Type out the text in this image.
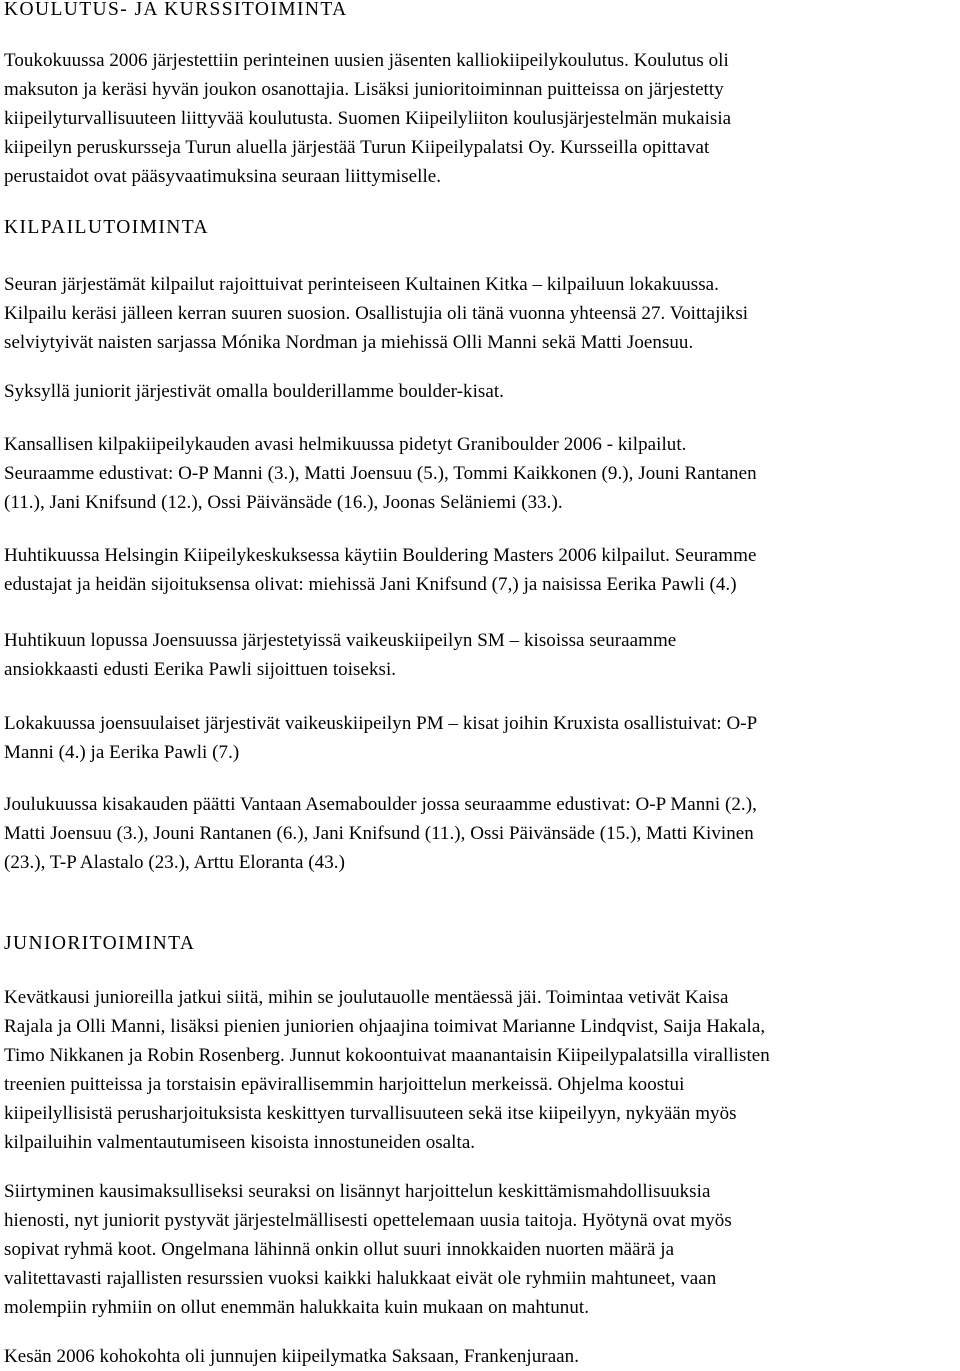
KOULUTUS- JA KURSSITOIMINTA

Toukokuussa 2006 järjestettiin perinteinen uusien jäsenten kalliokiipeilykoulutus. Koulutus oli
maksuton ja keräsi hyvän joukon osanottajia. Lisäksi junioritoiminnan puitteissa on järjestetty
kiipeilyturvallisuuteen liittyvää koulutusta. Suomen Kiipeilyliiton koulusjärjestelmän mukaisia
kiipeilyn peruskursseja Turun aluella järjestää Turun Kiipeilypalatsi Oy. Kursseilla opittavat
perustaidot ovat pääsyvaatimuksina seuraan liittymiselle.

KILPAILUTOIMINTA

Seuran järjestämät kilpailut rajoittuivat perinteiseen Kultainen Kitka – kilpailuun lokakuussa.
Kilpailu keräsi jälleen kerran suuren suosion. Osallistujia oli tänä vuonna yhteensä 27. Voittajiksi
selviytyivät naisten sarjassa Mónika Nordman ja miehissä Olli Manni sekä Matti Joensuu.

Syksyllä juniorit järjestivät omalla boulderillamme boulder-kisat.

Kansallisen kilpakiipeilykauden avasi helmikuussa pidetyt Graniboulder 2006 - kilpailut.
Seuraamme edustivat: O-P Manni (3.), Matti Joensuu (5.), Tommi Kaikkonen (9.), Jouni Rantanen
(11.), Jani Knifsund (12.), Ossi Päivänsäde (16.), Joonas Seläniemi (33.).

Huhtikuussa Helsingin Kiipeilykeskuksessa käytiin Bouldering Masters 2006 kilpailut. Seuramme
edustajat ja heidän sijoituksensa olivat: miehissä Jani Knifsund (7,) ja naisissa Eerika Pawli (4.)

Huhtikuun lopussa Joensuussa järjestetyissä vaikeuskiipeilyn SM – kisoissa seuraamme
ansiokkaasti edusti Eerika Pawli sijoittuen toiseksi.

Lokakuussa joensuulaiset järjestivät vaikeuskiipeilyn PM – kisat joihin Kruxista osallistuivat: O-P
Manni (4.) ja Eerika Pawli (7.)

Joulukuussa kisakauden päätti Vantaan Asemaboulder jossa seuraamme edustivat: O-P Manni (2.),
Matti Joensuu (3.), Jouni Rantanen (6.), Jani Knifsund (11.), Ossi Päivänsäde (15.), Matti Kivinen
(23.), T-P Alastalo (23.), Arttu Eloranta (43.)

JUNIORITOIMINTA

Kevätkausi junioreilla jatkui siitä, mihin se joulutauolle mentäessä jäi. Toimintaa vetivät Kaisa
Rajala ja Olli Manni, lisäksi pienien juniorien ohjaajina toimivat Marianne Lindqvist, Saija Hakala,
Timo Nikkanen ja Robin Rosenberg. Junnut kokoontuivat maanantaisin Kiipeilypalatsilla virallisten
treenien puitteissa ja torstaisin epävirallisemmin harjoittelun merkeissä. Ohjelma koostui
kiipeilyllisistä perusharjoituksista keskittyen turvallisuuteen sekä itse kiipeilyyn, nykyään myös
kilpailuihin valmentautumiseen kisoista innostuneiden osalta.

Siirtyminen kausimaksulliseksi seuraksi on lisännyt harjoittelun keskittämismahdollisuuksia
hienosti, nyt juniorit pystyvät järjestelmällisesti opettelemaan uusia taitoja. Hyötynä ovat myös
sopivat ryhmä koot. Ongelmana lähinnä onkin ollut suuri innokkaiden nuorten määrä ja
valitettavasti rajallisten resurssien vuoksi kaikki halukkaat eivät ole ryhmiin mahtuneet, vaan
molempiin ryhmiin on ollut enemmän halukkaita kuin mukaan on mahtunut.

Kesän 2006 kohokohta oli junnujen kiipeilymatka Saksaan, Frankenjuraan.
